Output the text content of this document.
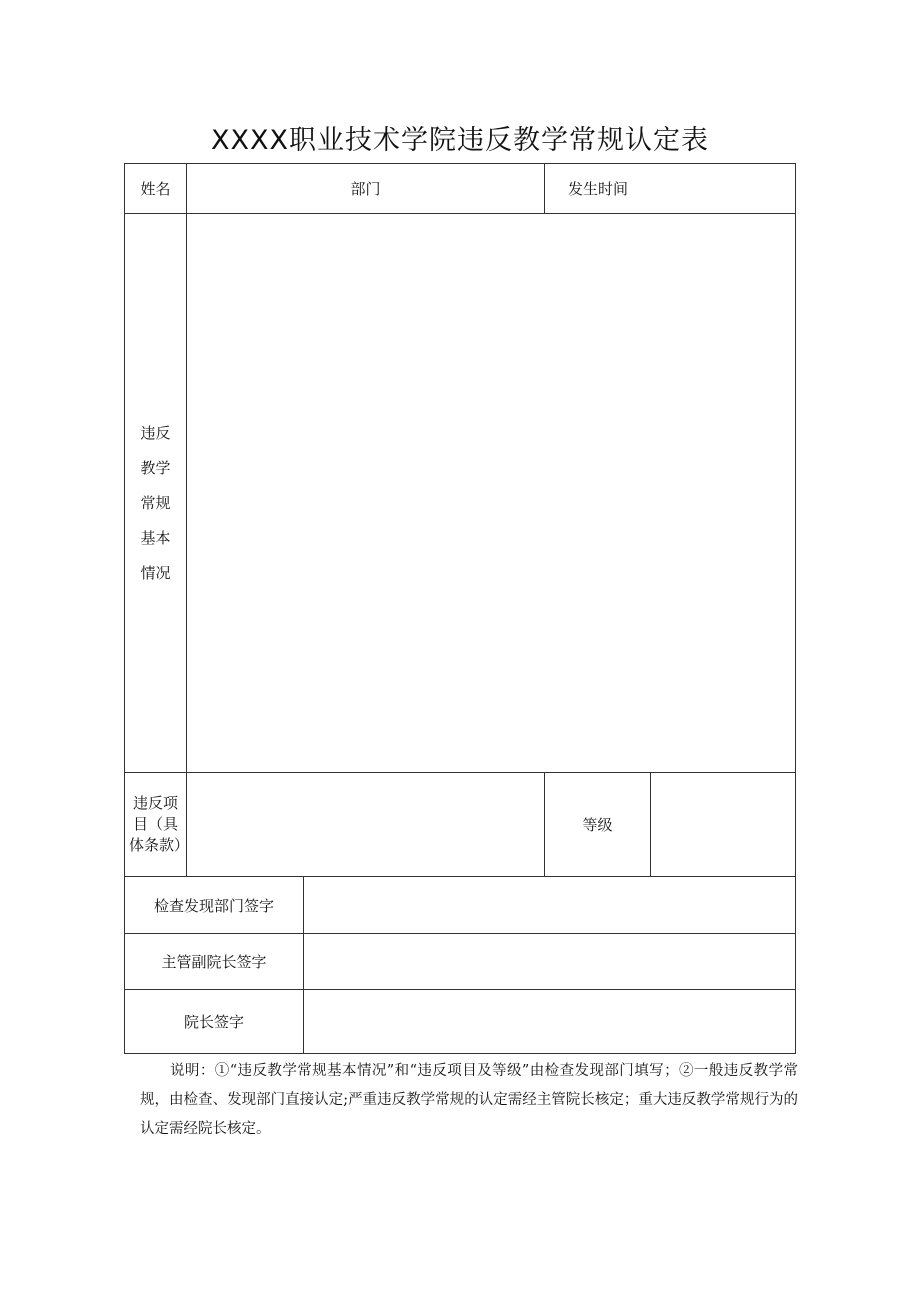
XXXX职业技术学院违反教学常规认定表
姓名	部门	发生时间
违反
教学
常规
基本
情况
违反项目（具体条款）
等级
检查发现部门签字
主管副院长签字
院长签字
说明：①“违反教学常规基本情况”和“违反项目及等级”由检查发现部门填写；②一般违反教学常规，由检查、发现部门直接认定;严重违反教学常规的认定需经主管院长核定；重大违反教学常规行为的认定需经院长核定。
